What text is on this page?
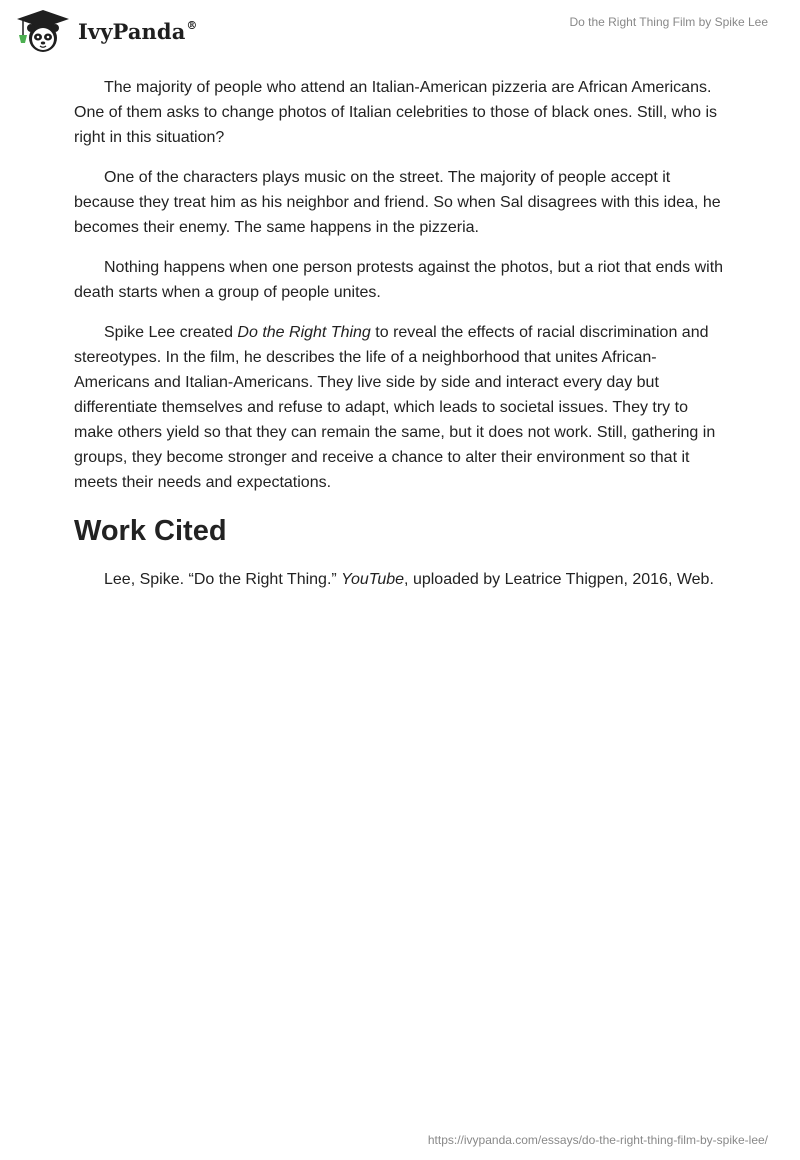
IvyPanda®	Do the Right Thing Film by Spike Lee

The majority of people who attend an Italian-American pizzeria are African Americans. One of them asks to change photos of Italian celebrities to those of black ones. Still, who is right in this situation?

One of the characters plays music on the street. The majority of people accept it because they treat him as his neighbor and friend. So when Sal disagrees with this idea, he becomes their enemy. The same happens in the pizzeria.

Nothing happens when one person protests against the photos, but a riot that ends with death starts when a group of people unites.

Spike Lee created Do the Right Thing to reveal the effects of racial discrimination and stereotypes. In the film, he describes the life of a neighborhood that unites African-Americans and Italian-Americans. They live side by side and interact every day but differentiate themselves and refuse to adapt, which leads to societal issues. They try to make others yield so that they can remain the same, but it does not work. Still, gathering in groups, they become stronger and receive a chance to alter their environment so that it meets their needs and expectations.

Work Cited

Lee, Spike. “Do the Right Thing.” YouTube, uploaded by Leatrice Thigpen, 2016, Web.

https://ivypanda.com/essays/do-the-right-thing-film-by-spike-lee/
